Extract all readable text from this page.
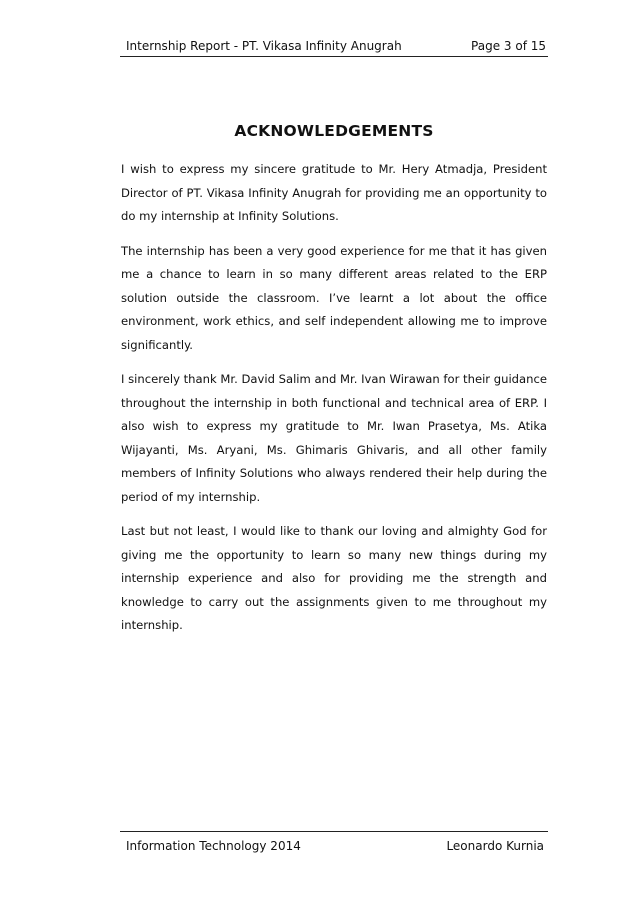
Internship Report - PT. Vikasa Infinity Anugrah	Page 3 of 15
ACKNOWLEDGEMENTS

I wish to express my sincere gratitude to Mr. Hery Atmadja, President Director of PT. Vikasa Infinity Anugrah for providing me an opportunity to do my internship at Infinity Solutions.

The internship has been a very good experience for me that it has given me a chance to learn in so many different areas related to the ERP solution outside the classroom. I’ve learnt a lot about the office environment, work ethics, and self independent allowing me to improve significantly.

I sincerely thank Mr. David Salim and Mr. Ivan Wirawan for their guidance throughout the internship in both functional and technical area of ERP. I also wish to express my gratitude to Mr. Iwan Prasetya, Ms. Atika Wijayanti, Ms. Aryani, Ms. Ghimaris Ghivaris, and all other family members of Infinity Solutions who always rendered their help during the period of my internship.

Last but not least, I would like to thank our loving and almighty God for giving me the opportunity to learn so many new things during my internship experience and also for providing me the strength and knowledge to carry out the assignments given to me throughout my internship.

Information Technology 2014	Leonardo Kurnia
